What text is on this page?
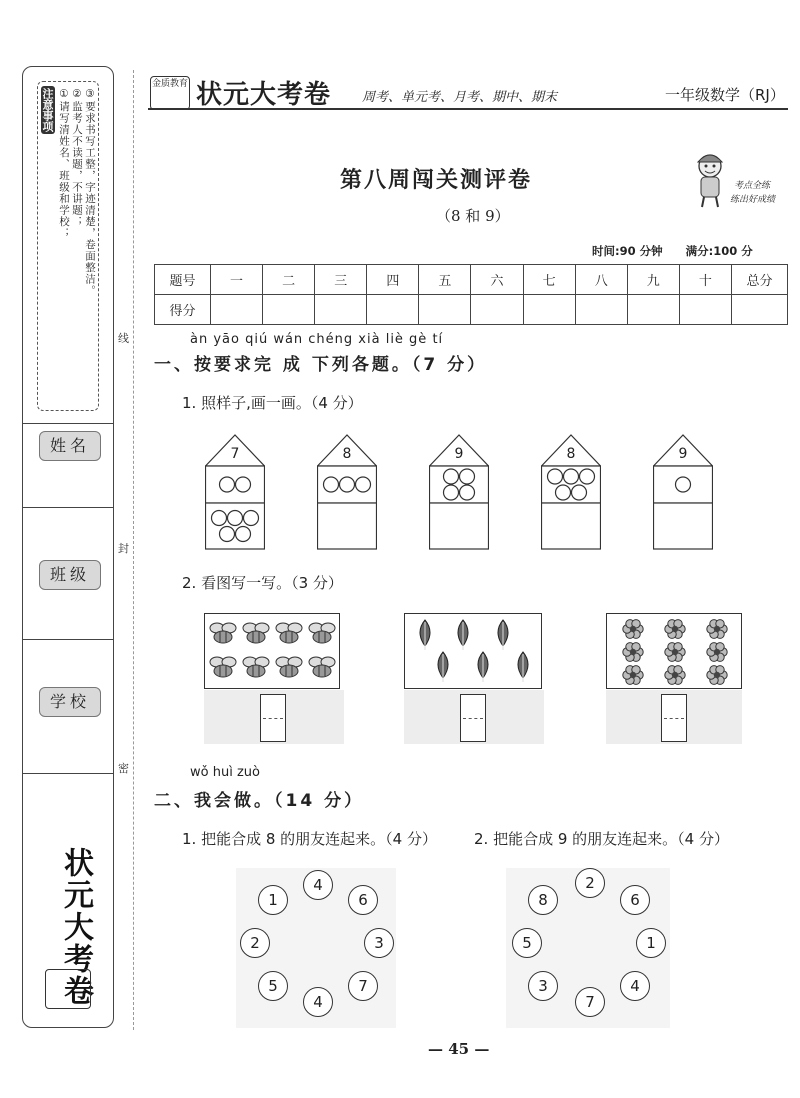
注意事项 ①请写清姓名、班级和学校； ②监考人不读题，不讲题； ③要求书写工整，字迹清楚，卷面整洁。
姓名
班级
学校
状元大考卷
线
封
密
金质教育 状元大考卷 周考、单元考、月考、期中、期末	一年级数学（RJ）
第八周闯关测评卷
（8 和 9）
考点全练
练出好成绩
时间:90 分钟　　满分:100 分
题号	一	二	三	四	五	六	七	八	九	十	总分
得分											
àn yāo qiú wán chéng xià liè gè tí
一、按要求完 成 下列各题。（7 分）
1. 照样子,画一画。（4 分）
7	8	9	8	9
2. 看图写一写。（3 分）
wǒ huì zuò
二、我会做。（14 分）
1. 把能合成 8 的朋友连起来。（4 分） 2. 把能合成 9 的朋友连起来。（4 分）
4
6
3
7
4
5
2
1
2
6
1
4
7
3
5
8
— 45 —
